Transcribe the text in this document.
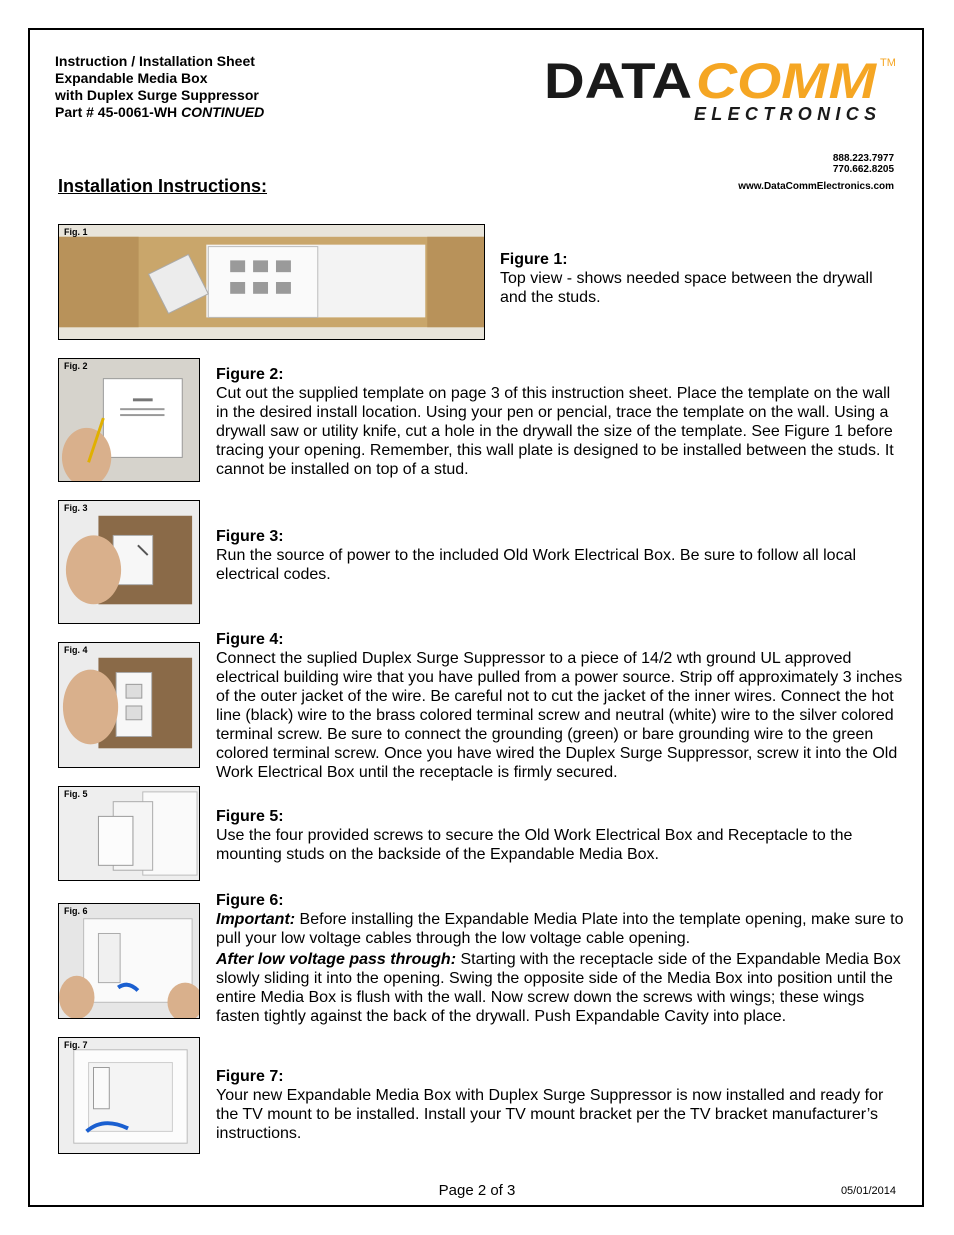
Instruction / Installation Sheet
Expandable Media Box
with Duplex Surge Suppressor
Part # 45-0061-WH CONTINUED
DATA COMM TM
ELECTRONICS
888.223.7977
770.662.8205
www.DataCommElectronics.com
Installation Instructions:
Fig. 1
Figure 1:
Top view - shows needed space between the drywall and the studs.
Fig. 2	Figure 2:
Cut out the supplied template on page 3 of this instruction sheet. Place the template on the wall in the desired install location. Using your pen or pencial, trace the template on the wall. Using a drywall saw or utility knife, cut a hole in the drywall the size of the template. See Figure 1 before tracing your opening. Remember, this wall plate is designed to be installed between the studs. It cannot be installed on top of a stud.
Fig. 3
Figure 3:
Run the source of power to the included Old Work Electrical Box. Be sure to follow all local electrical codes.
Fig. 4
Figure 4:
Connect the suplied Duplex Surge Suppressor to a piece of 14/2 wth ground UL approved electrical building wire that you have pulled from a power source. Strip off approximately 3 inches of the outer jacket of the wire. Be careful not to cut the jacket of the inner wires. Connect the hot line (black) wire to the brass colored terminal screw and neutral (white) wire to the silver colored terminal screw. Be sure to connect the grounding (green) or bare grounding wire to the green colored terminal screw. Once you have wired the Duplex Surge Suppressor, screw it into the Old Work Electrical Box until the receptacle is firmly secured.
Fig. 5
Figure 5:
Use the four provided screws to secure the Old Work Electrical Box and Receptacle to the mounting studs on the backside of the Expandable Media Box.
Fig. 6
Figure 6:
Important: Before installing the Expandable Media Plate into the template opening, make sure to pull your low voltage cables through the low voltage cable opening.
After low voltage pass through: Starting with the receptacle side of the Expandable Media Box slowly sliding it into the opening. Swing the opposite side of the Media Box into position until the entire Media Box is flush with the wall. Now screw down the screws with wings; these wings fasten tightly against the back of the drywall. Push Expandable Cavity into place.
Fig. 7
Figure 7:
Your new Expandable Media Box with Duplex Surge Suppressor is now installed and ready for the TV mount to be installed. Install your TV mount bracket per the TV bracket manufacturer’s instructions.
Page 2 of 3	05/01/2014
